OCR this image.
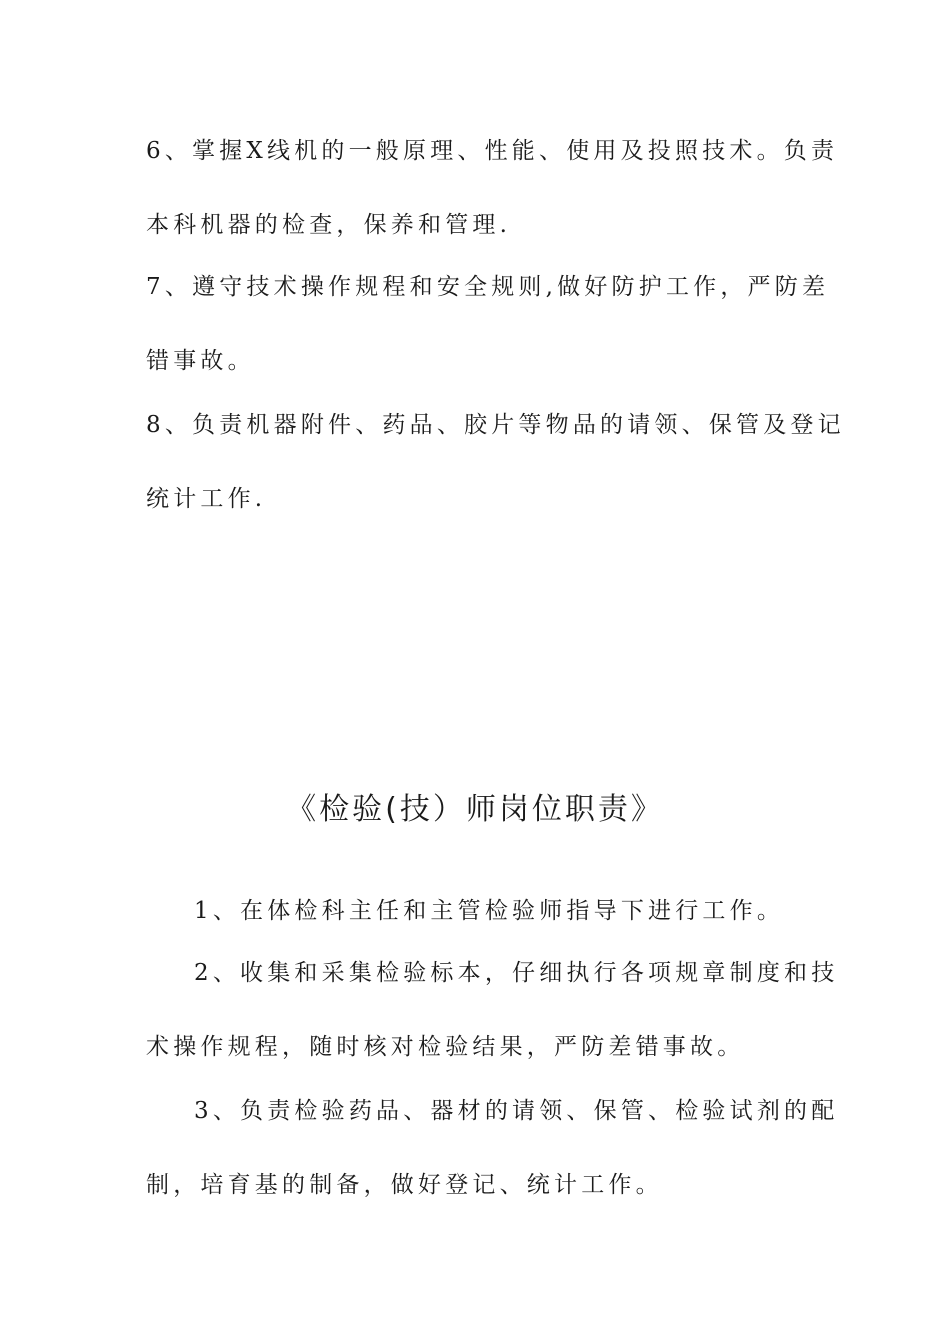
6、掌握X线机的一般原理、性能、使用及投照技术。负责
本科机器的检查，保养和管理.
7、遵守技术操作规程和安全规则,做好防护工作，严防差
错事故。
8、负责机器附件、药品、胶片等物品的请领、保管及登记
统计工作.
《检验(技）师岗位职责》
1、在体检科主任和主管检验师指导下进行工作。
2、收集和采集检验标本，仔细执行各项规章制度和技
术操作规程，随时核对检验结果，严防差错事故。
3、负责检验药品、器材的请领、保管、检验试剂的配
制，培育基的制备，做好登记、统计工作。
